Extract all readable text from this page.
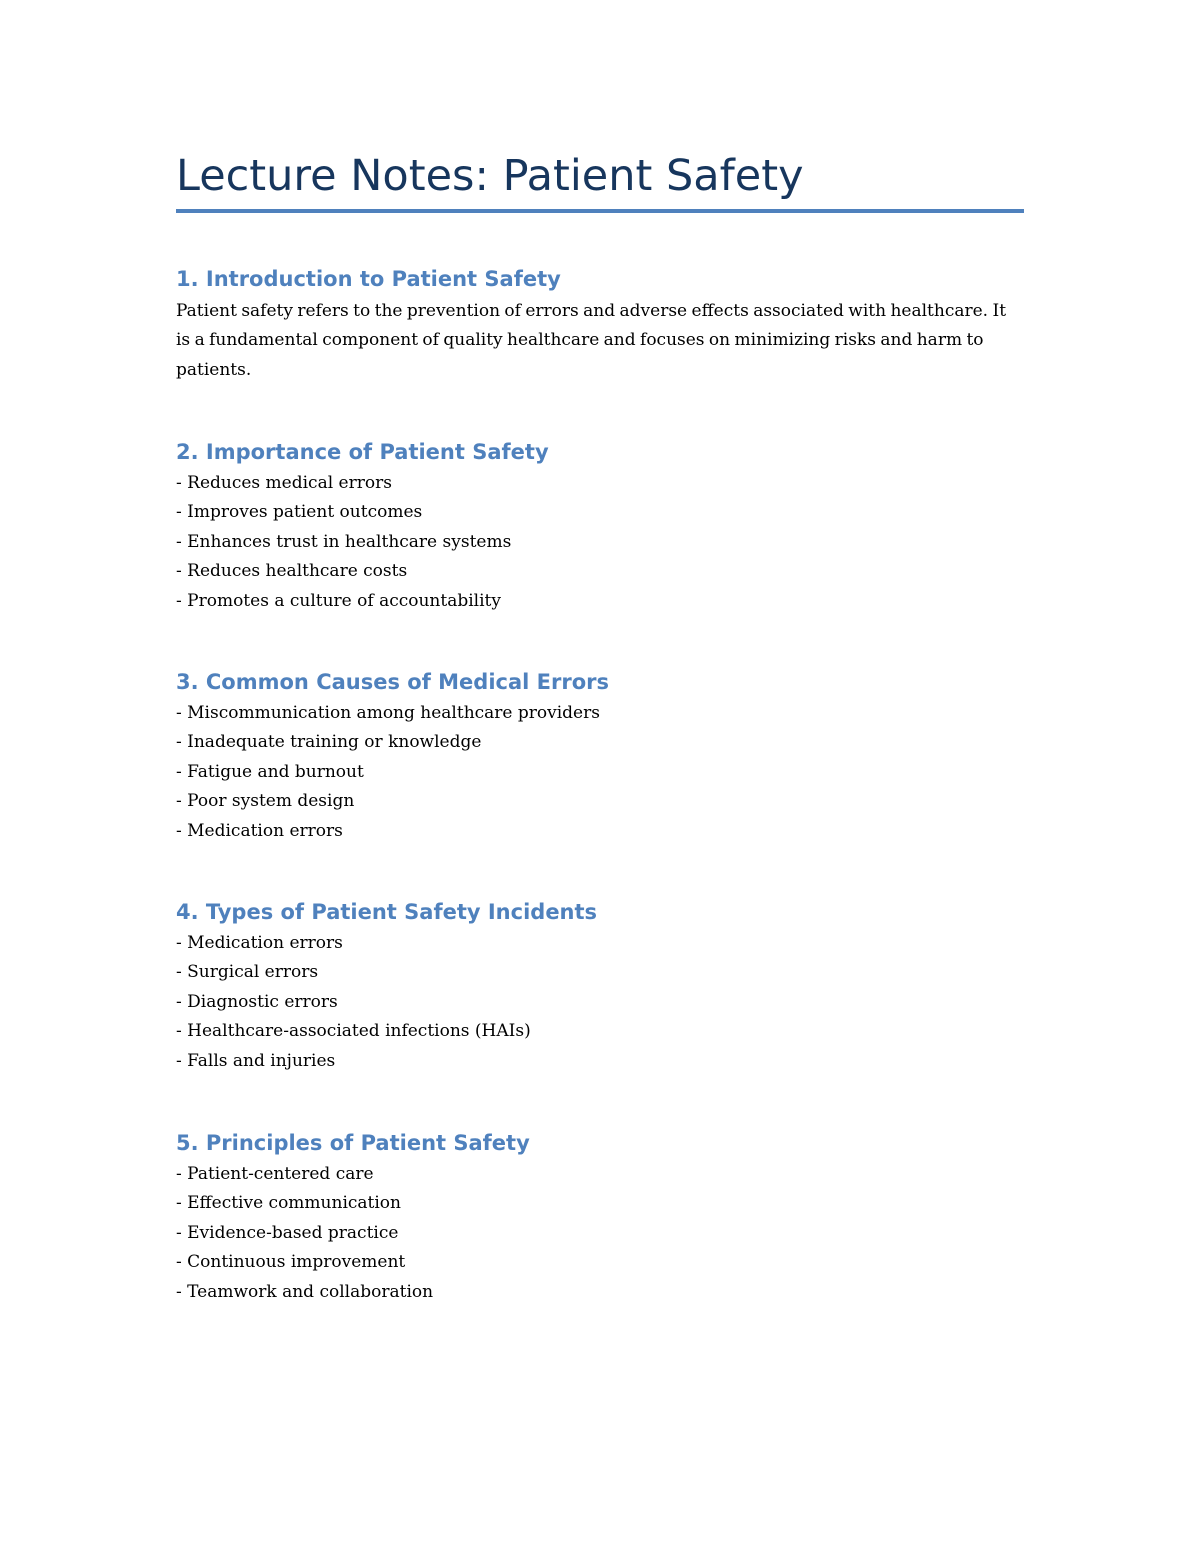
Lecture Notes: Patient Safety
1. Introduction to Patient Safety

Patient safety refers to the prevention of errors and adverse effects associated with healthcare. It is a fundamental component of quality healthcare and focuses on minimizing risks and harm to patients.

2. Importance of Patient Safety
- Reduces medical errors
- Improves patient outcomes
- Enhances trust in healthcare systems
- Reduces healthcare costs
- Promotes a culture of accountability
3. Common Causes of Medical Errors
- Miscommunication among healthcare providers
- Inadequate training or knowledge
- Fatigue and burnout
- Poor system design
- Medication errors
4. Types of Patient Safety Incidents
- Medication errors
- Surgical errors
- Diagnostic errors
- Healthcare-associated infections (HAIs)
- Falls and injuries
5. Principles of Patient Safety
- Patient-centered care
- Effective communication
- Evidence-based practice
- Continuous improvement
- Teamwork and collaboration
